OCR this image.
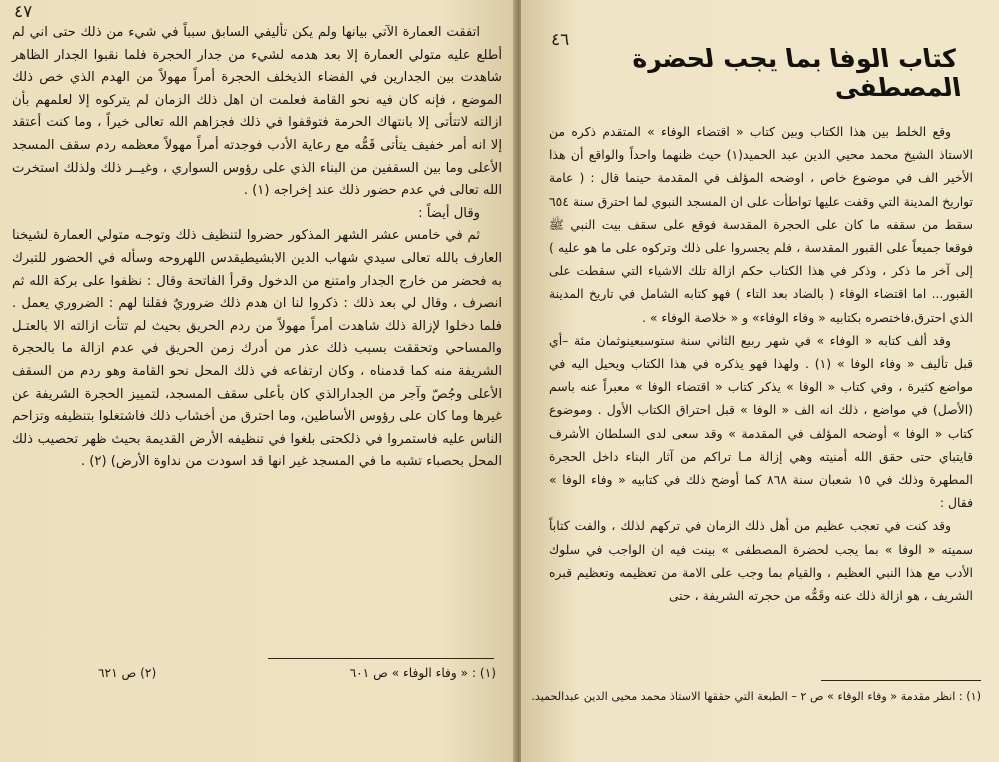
٤٧

اتفقت العمارة الآتي بيانها ولم يكن تأليفي السابق سبباً في شيء من ذلك حتى اني لم أطلع عليه متولي العمارة إلا بعد هدمه لشيء من جدار الحجرة فلما نقبوا الجدار الظاهر شاهدت بين الجدارين في الفضاء الذيخلف الحجرة أمراً مهولاً من الهدم الذي خص ذلك الموضع ، فإنه كان فيه نحو القامة فعلمت ان اهل ذلك الزمان لم يتركوه إلا لعلمهم بأن ازالته لاتتأتى إلا بانتهاك الحرمة فتوقفوا في ذلك فجزاهم الله تعالى خيراً ، وما كنت أعتقد إلا انه أمر خفيف يتأتى قَمُّه مع رعاية الأدب فوجدته أمراً مهولاً معظمه ردم سقف المسجد الأعلى وما بين السقفين من البناء الذي على رؤوس السواري ، وغيــر ذلك ولذلك استخرت الله تعالى في عدم حضور ذلك عند إخراجه (١) .

وقال أيضاً :

ثم في خامس عشر الشهر المذكور حضروا لتنظيف ذلك وتوجـه متولي العمارة لشيخنا العارف بالله تعالى سيدي شهاب الدين الابشيطيقدس اللهروحه وسأله في الحضور للتبرك به فحضر من خارج الجدار وامتنع من الدخول وقرأ الفاتحة وقال : نظفوا على بركة الله ثم انصرف ، وقال لي بعد ذلك : ذكروا لنا ان هدم ذلك ضروريٌ فقلنا لهم : الضروري يعمل . فلما دخلوا لإزالة ذلك شاهدت أمراً مهولاً من ردم الحريق بحيث لم تتأت ازالته الا بالعتـل والمساحي وتحققت بسبب ذلك عذر من أدرك زمن الحريق في عدم ازالة ما بالحجرة الشريفة منه كما قدمناه ، وكان ارتفاعه في ذلك المحل نحو القامة وهو ردم من السقف الأعلى وجُصّ وآجر من الجدارالذي كان بأعلى سقف المسجد، لتمييز الحجرة الشريفة عن غيرها وما كان على رؤوس الأساطين، وما احترق من أخشاب ذلك فاشتغلوا بتنظيفه وتزاحم الناس عليه فاستمروا في ذلكحتى بلغوا في تنظيفه الأرض القديمة بحيث ظهر تحصيب ذلك المحل بحصباء تشبه ما في المسجد غير انها قد اسودت من نداوة الأرض) (٢) .

(١) : « وفاء الوفاء » ص ٦٠١
(٢) ص ٦٢١
٤٦
كتاب الوفا بما يجب لحضرة المصطفى

وقع الخلط بين هذا الكتاب وبين كتاب « اقتضاء الوفاء » المتقدم ذكره من الاستاذ الشيخ محمد محيي الدين عبد الحميد(١) حيث ظنهما واحداً والواقع أن هذا الأخير الف في موضوع خاص ، اوضحه المؤلف في المقدمة حينما قال : ( عامة تواريخ المدينة التي وقفت عليها تواطأت على ان المسجد النبوي لما احترق سنة ٦٥٤ سقط من سقفه ما كان على الحجرة المقدسة فوقع على سقف بيت النبي ﷺ فوقعا جميعاً على القبور المقدسة ، فلم يجسروا على ذلك وتركوه على ما هو عليه ) إلى آخر ما ذكر ، وذكر في هذا الكتاب حكم ازالة تلك الاشياء التي سقطت على القبور... اما اقتضاء الوفاء ( بالضاد بعد التاء ) فهو كتابه الشامل في تاريخ المدينة الذي احترق.فاختصره بكتابيه « وفاء الوفاء» و « خلاصة الوفاء » .

وقد ألف كتابه « الوفاء » في شهر ربيع الثاني سنة ستوسبعينوثمان مئة –أي قبل تأليف « وفاء الوفا » (١) . ولهذا فهو يذكره في هذا الكتاب ويحيل اليه في مواضع كثيرة ، وفي كتاب « الوفا » يذكر كتاب « اقتضاء الوفا » معبراً عنه باسم (الأصل) في مواضع ، ذلك انه الف « الوفا » قبل احتراق الكتاب الأول . وموضوع كتاب « الوفا » أوضحه المؤلف في المقدمة » وقد سعى لدى السلطان الأشرف قايتباي حتى حقق الله أمنيته وهي إزالة مـا تراكم من آثار البناء داخل الحجرة المطهرة وذلك في ١٥ شعبان سنة ٨٦٨ كما أوضح ذلك في كتابيه « وفاء الوفا » فقال :

وقد كنت في تعجب عظيم من أهل ذلك الزمان في تركهم لذلك ، والفت كتاباً سميته « الوفا » بما يجب لحضرة المصطفى » بينت فيه ان الواجب في سلوك الأدب مع هذا النبي العظيم ، والقيام بما وجب على الامة من تعظيمه وتعظيم قبره الشريف ، هو ازالة ذلك عنه وقَمُّه من حجرته الشريفة ، حتى

(١) : انظر مقدمة « وفاء الوفاء » ص ٢ – الطبعة التي حققها الاستاذ محمد محيى الدين عبدالحميد.
